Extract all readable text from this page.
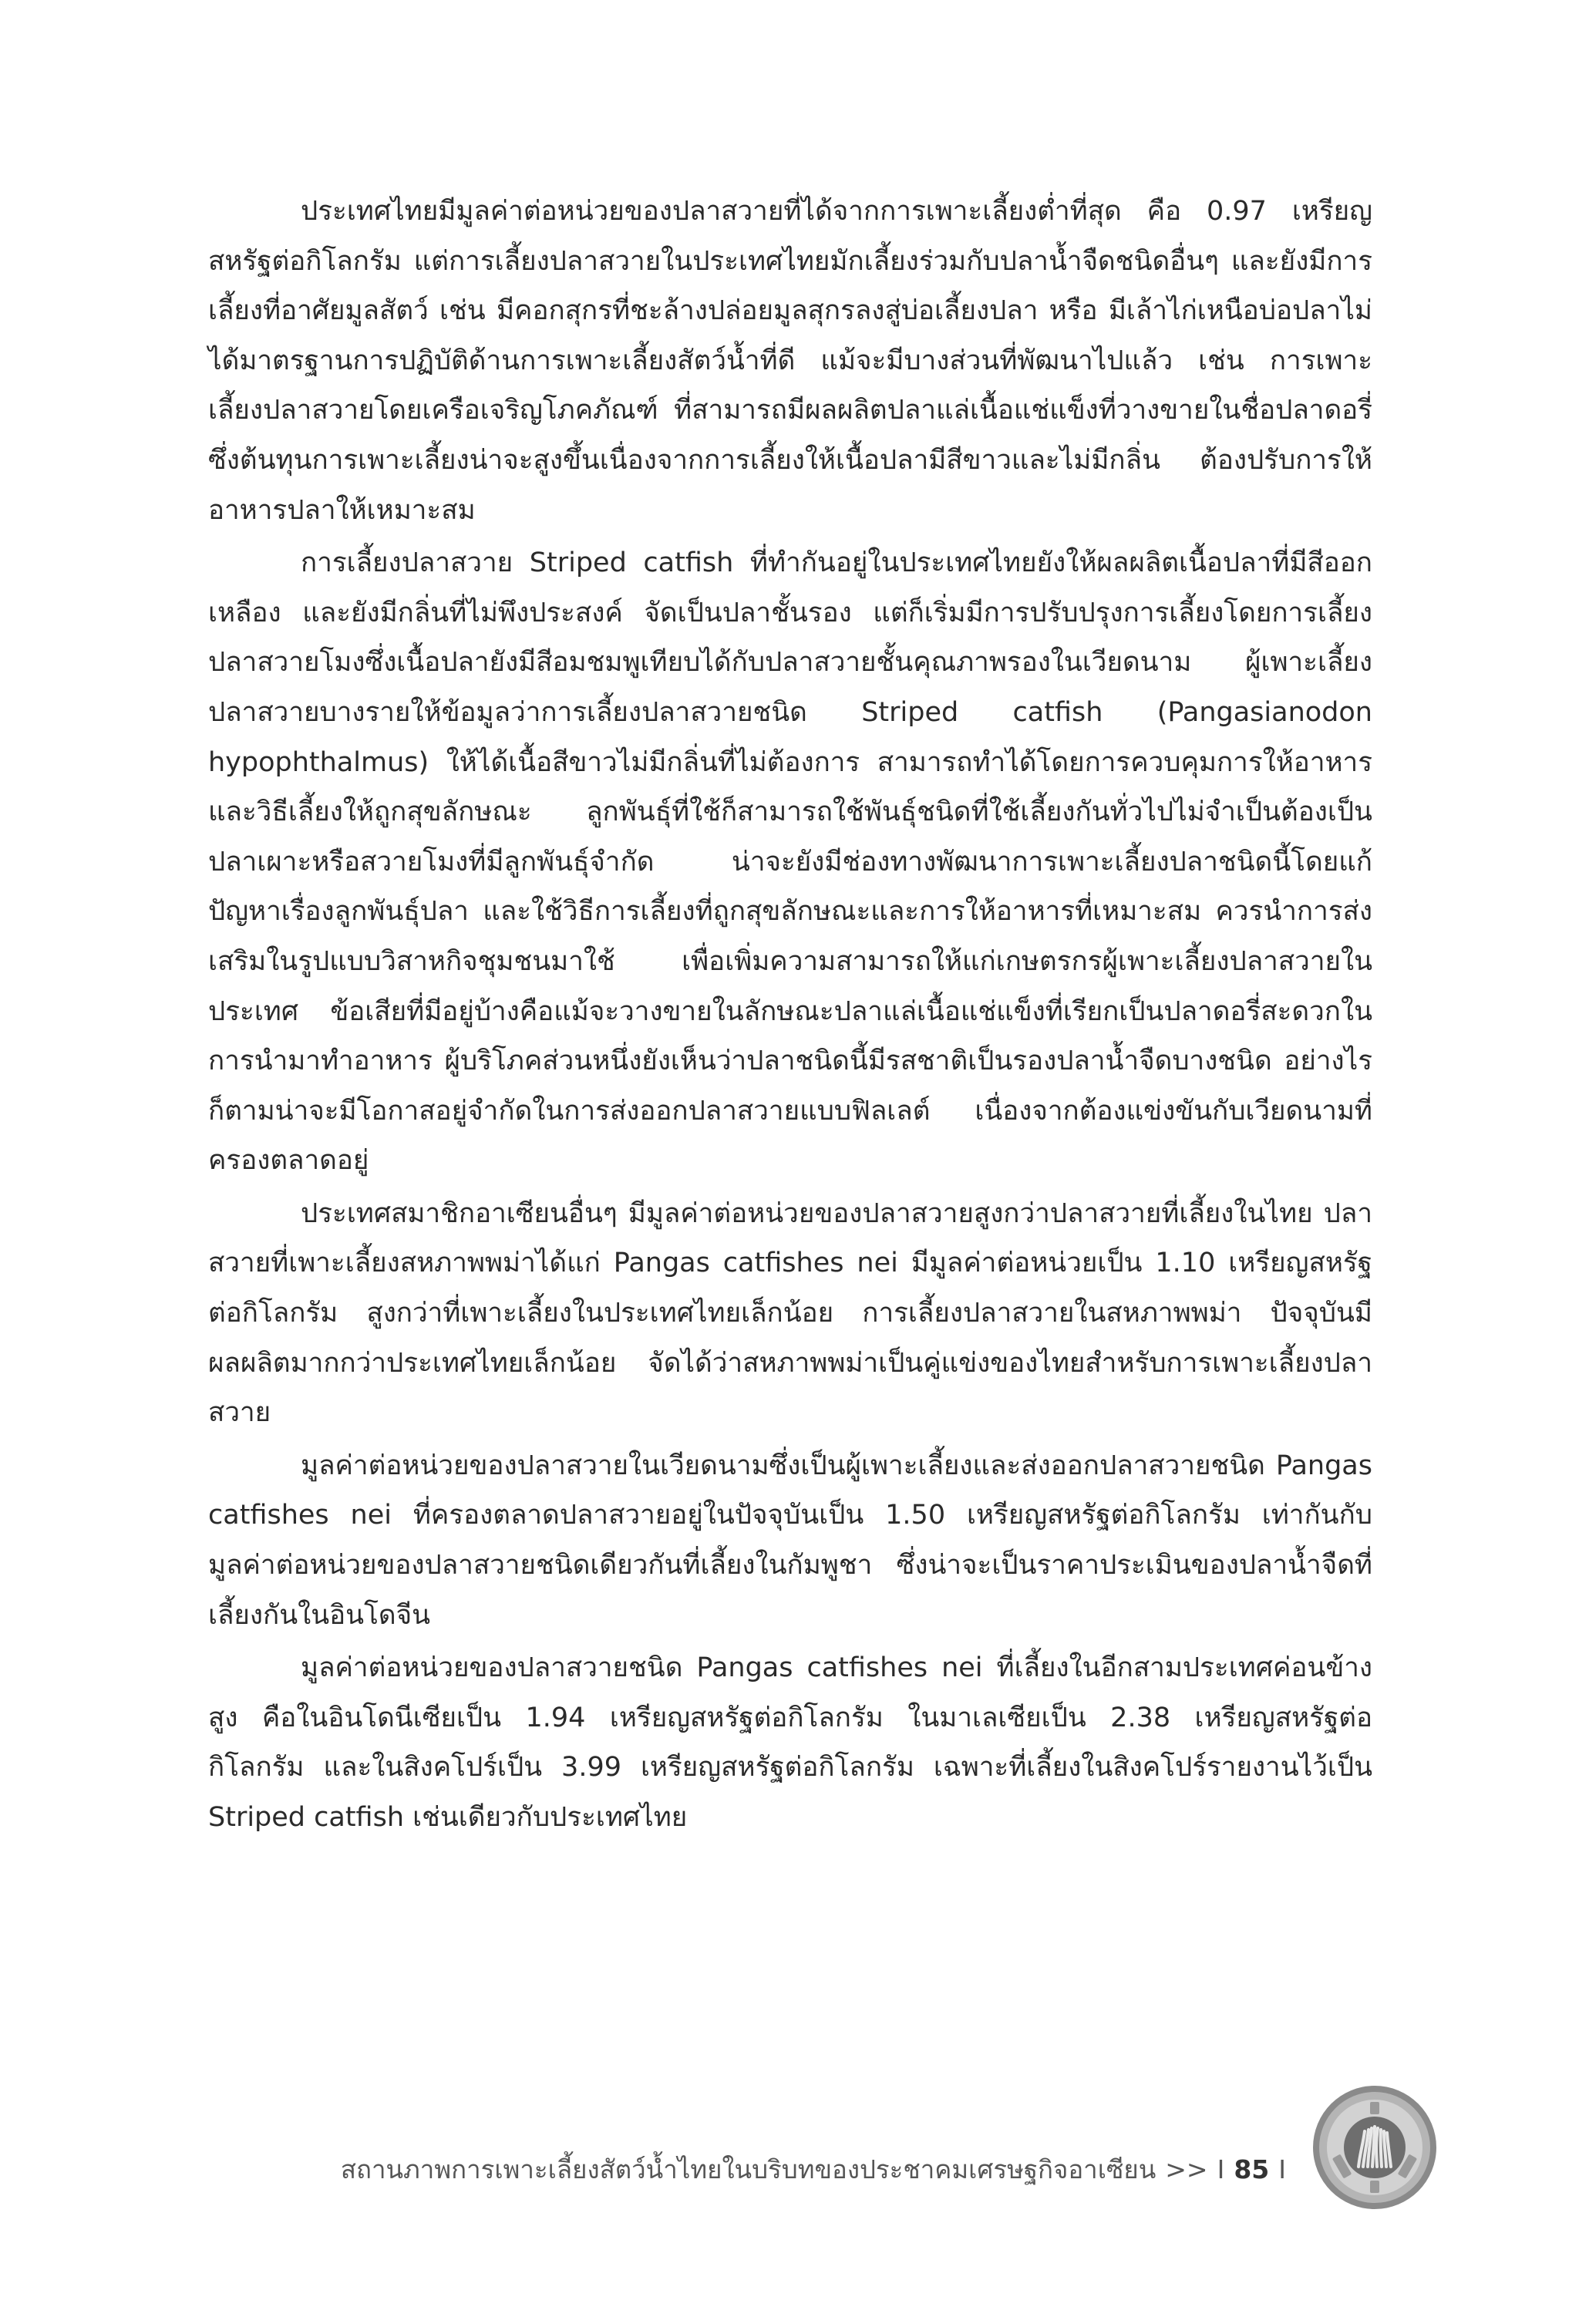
ประเทศไทยมีมูลค่าต่อหน่วยของปลาสวายที่ได้จากการเพาะเลี้ยงต่ำที่สุด คือ 0.97 เหรียญสหรัฐต่อกิโลกรัม แต่การเลี้ยงปลาสวายในประเทศไทยมักเลี้ยงร่วมกับปลาน้ำจืดชนิดอื่นๆ และยังมีการเลี้ยงที่อาศัยมูลสัตว์ เช่น มีคอกสุกรที่ชะล้างปล่อยมูลสุกรลงสู่บ่อเลี้ยงปลา หรือ มีเล้าไก่เหนือบ่อปลาไม่ได้มาตรฐานการปฏิบัติด้านการเพาะเลี้ยงสัตว์น้ำที่ดี แม้จะมีบางส่วนที่พัฒนาไปแล้ว เช่น การเพาะเลี้ยงปลาสวายโดยเครือเจริญโภคภัณฑ์ ที่สามารถมีผลผลิตปลาแล่เนื้อแช่แข็งที่วางขายในชื่อปลาดอรี่ ซึ่งต้นทุนการเพาะเลี้ยงน่าจะสูงขึ้นเนื่องจากการเลี้ยงให้เนื้อปลามีสีขาวและไม่มีกลิ่น ต้องปรับการให้อาหารปลาให้เหมาะสม

การเลี้ยงปลาสวาย Striped catfish ที่ทำกันอยู่ในประเทศไทยยังให้ผลผลิตเนื้อปลาที่มีสีออกเหลือง และยังมีกลิ่นที่ไม่พึงประสงค์ จัดเป็นปลาชั้นรอง แต่ก็เริ่มมีการปรับปรุงการเลี้ยงโดยการเลี้ยงปลาสวายโมงซึ่งเนื้อปลายังมีสีอมชมพูเทียบได้กับปลาสวายชั้นคุณภาพรองในเวียดนาม ผู้เพาะเลี้ยงปลาสวายบางรายให้ข้อมูลว่าการเลี้ยงปลาสวายชนิด Striped catfish (Pangasianodon hypophthalmus) ให้ได้เนื้อสีขาวไม่มีกลิ่นที่ไม่ต้องการ สามารถทำได้โดยการควบคุมการให้อาหารและวิธีเลี้ยงให้ถูกสุขลักษณะ ลูกพันธุ์ที่ใช้ก็สามารถใช้พันธุ์ชนิดที่ใช้เลี้ยงกันทั่วไปไม่จำเป็นต้องเป็นปลาเผาะหรือสวายโมงที่มีลูกพันธุ์จำกัด น่าจะยังมีช่องทางพัฒนาการเพาะเลี้ยงปลาชนิดนี้โดยแก้ปัญหาเรื่องลูกพันธุ์ปลา และใช้วิธีการเลี้ยงที่ถูกสุขลักษณะและการให้อาหารที่เหมาะสม ควรนำการส่งเสริมในรูปแบบวิสาหกิจชุมชนมาใช้ เพื่อเพิ่มความสามารถให้แก่เกษตรกรผู้เพาะเลี้ยงปลาสวายในประเทศ ข้อเสียที่มีอยู่บ้างคือแม้จะวางขายในลักษณะปลาแล่เนื้อแช่แข็งที่เรียกเป็นปลาดอรี่สะดวกในการนำมาทำอาหาร ผู้บริโภคส่วนหนึ่งยังเห็นว่าปลาชนิดนี้มีรสชาติเป็นรองปลาน้ำจืดบางชนิด อย่างไรก็ตามน่าจะมีโอกาสอยู่จำกัดในการส่งออกปลาสวายแบบฟิลเลต์ เนื่องจากต้องแข่งขันกับเวียดนามที่ครองตลาดอยู่

ประเทศสมาชิกอาเซียนอื่นๆ มีมูลค่าต่อหน่วยของปลาสวายสูงกว่าปลาสวายที่เลี้ยงในไทย ปลาสวายที่เพาะเลี้ยงสหภาพพม่าได้แก่ Pangas catfishes nei มีมูลค่าต่อหน่วยเป็น 1.10 เหรียญสหรัฐต่อกิโลกรัม สูงกว่าที่เพาะเลี้ยงในประเทศไทยเล็กน้อย การเลี้ยงปลาสวายในสหภาพพม่า ปัจจุบันมีผลผลิตมากกว่าประเทศไทยเล็กน้อย จัดได้ว่าสหภาพพม่าเป็นคู่แข่งของไทยสำหรับการเพาะเลี้ยงปลาสวาย

มูลค่าต่อหน่วยของปลาสวายในเวียดนามซึ่งเป็นผู้เพาะเลี้ยงและส่งออกปลาสวายชนิด Pangas catfishes nei ที่ครองตลาดปลาสวายอยู่ในปัจจุบันเป็น 1.50 เหรียญสหรัฐต่อกิโลกรัม เท่ากันกับมูลค่าต่อหน่วยของปลาสวายชนิดเดียวกันที่เลี้ยงในกัมพูชา ซึ่งน่าจะเป็นราคาประเมินของปลาน้ำจืดที่เลี้ยงกันในอินโดจีน

มูลค่าต่อหน่วยของปลาสวายชนิด Pangas catfishes nei ที่เลี้ยงในอีกสามประเทศค่อนข้างสูง คือในอินโดนีเซียเป็น 1.94 เหรียญสหรัฐต่อกิโลกรัม ในมาเลเซียเป็น 2.38 เหรียญสหรัฐต่อกิโลกรัม และในสิงคโปร์เป็น 3.99 เหรียญสหรัฐต่อกิโลกรัม เฉพาะที่เลี้ยงในสิงคโปร์รายงานไว้เป็น Striped catfish เช่นเดียวกับประเทศไทย

สถานภาพการเพาะเลี้ยงสัตว์น้ำไทยในบริบทของประชาคมเศรษฐกิจอาเซียน >> I 85 I
